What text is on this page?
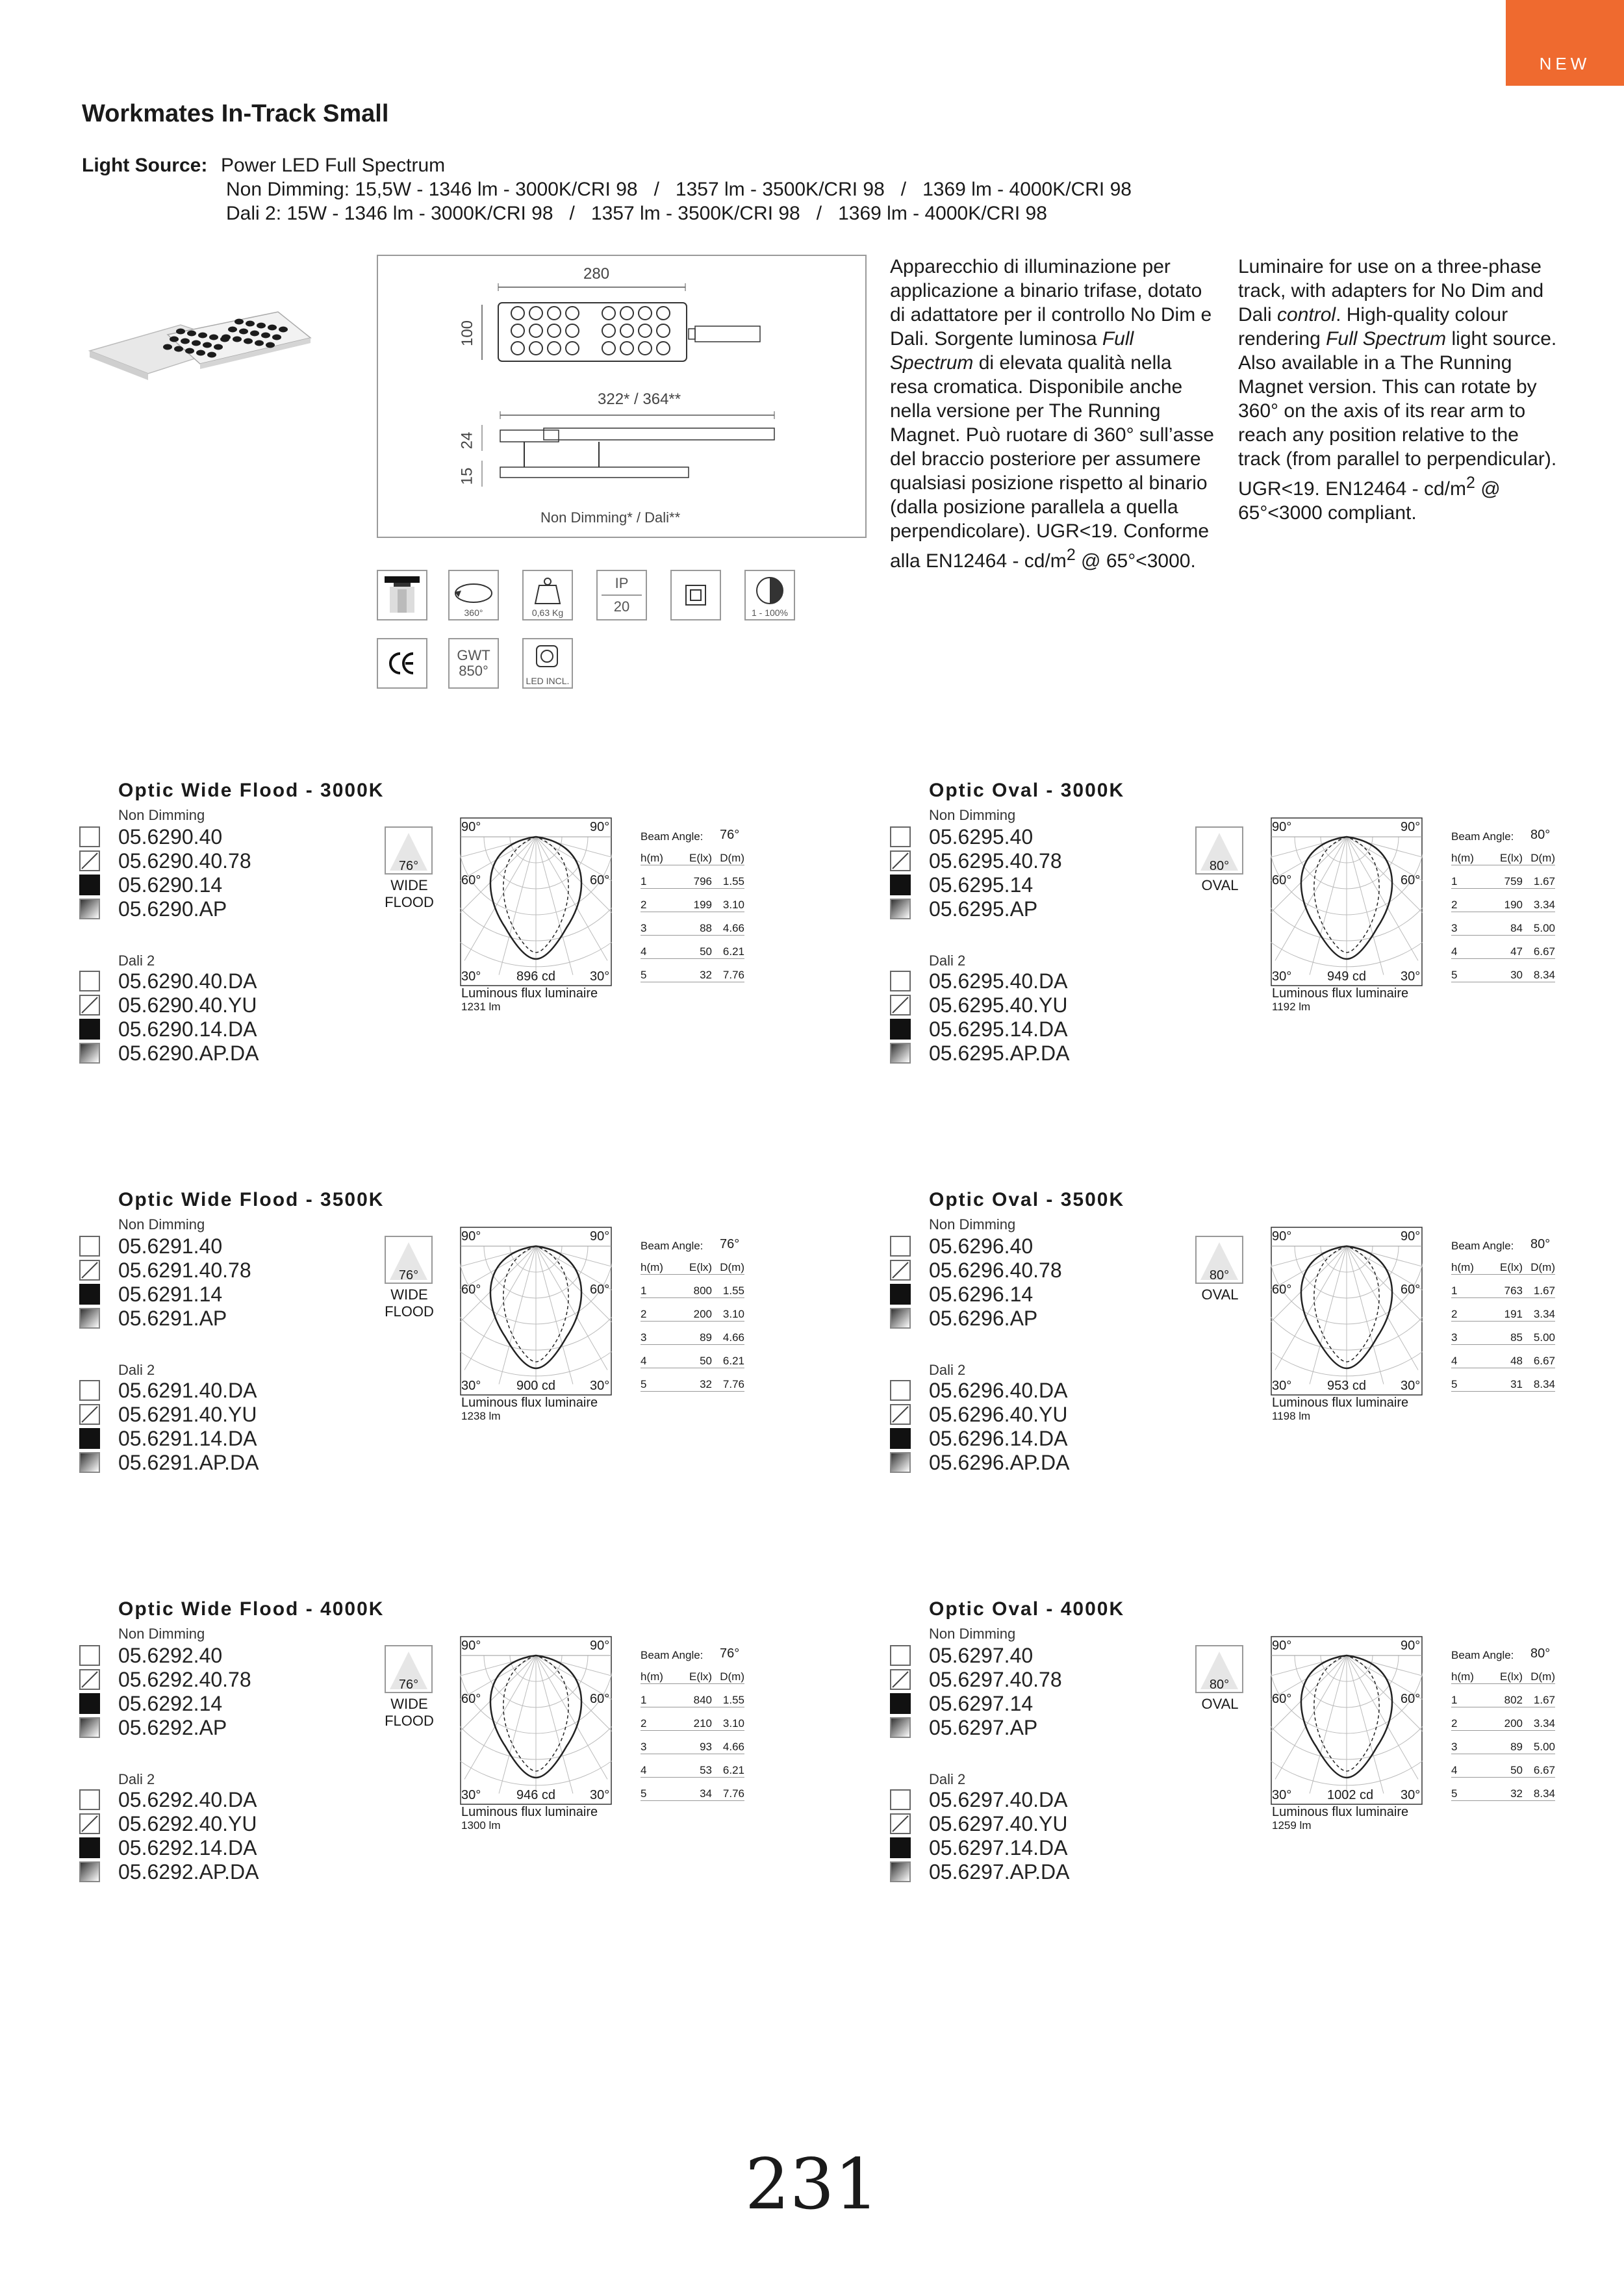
NEW
Workmates In-Track Small
Light Source: Power LED Full Spectrum
Non Dimming: 15,5W - 1346 lm - 3000K/CRI 98   /   1357 lm - 3500K/CRI 98   /   1369 lm - 4000K/CRI 98
Dali 2: 15W - 1346 lm - 3000K/CRI 98   /   1357 lm - 3500K/CRI 98   /   1369 lm - 4000K/CRI 98
280
100
322* / 364**
24
15
Non Dimming* / Dali**
Apparecchio di illuminazione per applicazione a binario trifase, dotato di adattatore per il controllo No Dim e Dali. Sorgente luminosa Full Spectrum di elevata qualità nella resa cromatica. Disponibile anche nella versione per The Running Magnet. Può ruotare di 360° sull’asse del braccio posteriore per assumere qualsiasi posizione rispetto al binario (dalla posizione parallela a quella perpendicolare). UGR<19. Conforme alla $EN12464 - cd/m^2$ @ 65°<3000.
Luminaire for use on a three-phase track, with adapters for No Dim and Dali control. High-quality colour rendering Full Spectrum light source. Also available in a The Running Magnet version. This can rotate by 360° on the axis of its rear arm to reach any position relative to the track (from parallel to perpendicular). UGR<19. $EN12464 - cd/m^2$ @ 65°<3000 compliant.
360°	0,63 Kg
IP
20	1 - 100%
GWT
850°
LED INCL.
Optic Wide Flood - 3000K
Non Dimming
05.6290.40
05.6290.40.78
05.6290.14
05.6290.AP
Dali 2
05.6290.40.DA
05.6290.40.YU
05.6290.14.DA
05.6290.AP.DA
76°
WIDE
FLOOD
90°	90°
60°	60°
30°	30°
896 cd
Luminous flux luminaire
1231 lm
Beam Angle: 76°
h(m)	E(lx) D(m)
1	796 1.55
2	199 3.10
3	88 4.66
4	50 6.21
5	32 7.76
Optic Oval - 3000K
Non Dimming
05.6295.40
05.6295.40.78
05.6295.14
05.6295.AP
Dali 2
05.6295.40.DA
05.6295.40.YU
05.6295.14.DA
05.6295.AP.DA
80°
OVAL

90°	90°
60°	60°
30°	30°
949 cd
Luminous flux luminaire
1192 lm
Beam Angle: 80°
h(m)	E(lx) D(m)
1	759 1.67
2	190 3.34
3	84 5.00
4	47 6.67
5	30 8.34
Optic Wide Flood - 3500K
Non Dimming
05.6291.40
05.6291.40.78
05.6291.14
05.6291.AP
Dali 2
05.6291.40.DA
05.6291.40.YU
05.6291.14.DA
05.6291.AP.DA
76°
WIDE
FLOOD
90°	90°
60°	60°
30°	30°
900 cd
Luminous flux luminaire
1238 lm
Beam Angle: 76°
h(m)	E(lx) D(m)
1	800 1.55
2	200 3.10
3	89 4.66
4	50 6.21
5	32 7.76
Optic Oval - 3500K
Non Dimming
05.6296.40
05.6296.40.78
05.6296.14
05.6296.AP
Dali 2
05.6296.40.DA
05.6296.40.YU
05.6296.14.DA
05.6296.AP.DA
80°
OVAL

90°	90°
60°	60°
30°	30°
953 cd
Luminous flux luminaire
1198 lm
Beam Angle: 80°
h(m)	E(lx) D(m)
1	763 1.67
2	191 3.34
3	85 5.00
4	48 6.67
5	31 8.34
Optic Wide Flood - 4000K
Non Dimming
05.6292.40
05.6292.40.78
05.6292.14
05.6292.AP
Dali 2
05.6292.40.DA
05.6292.40.YU
05.6292.14.DA
05.6292.AP.DA
76°
WIDE
FLOOD
90°	90°
60°	60°
30°	30°
946 cd
Luminous flux luminaire
1300 lm
Beam Angle: 76°
h(m)	E(lx) D(m)
1	840 1.55
2	210 3.10
3	93 4.66
4	53 6.21
5	34 7.76
Optic Oval - 4000K
Non Dimming
05.6297.40
05.6297.40.78
05.6297.14
05.6297.AP
Dali 2
05.6297.40.DA
05.6297.40.YU
05.6297.14.DA
05.6297.AP.DA
80°
OVAL

90°	90°
60°	60°
30°	30°
1002 cd
Luminous flux luminaire
1259 lm
Beam Angle: 80°
h(m)	E(lx) D(m)
1	802 1.67
2	200 3.34
3	89 5.00
4	50 6.67
5	32 8.34
231
